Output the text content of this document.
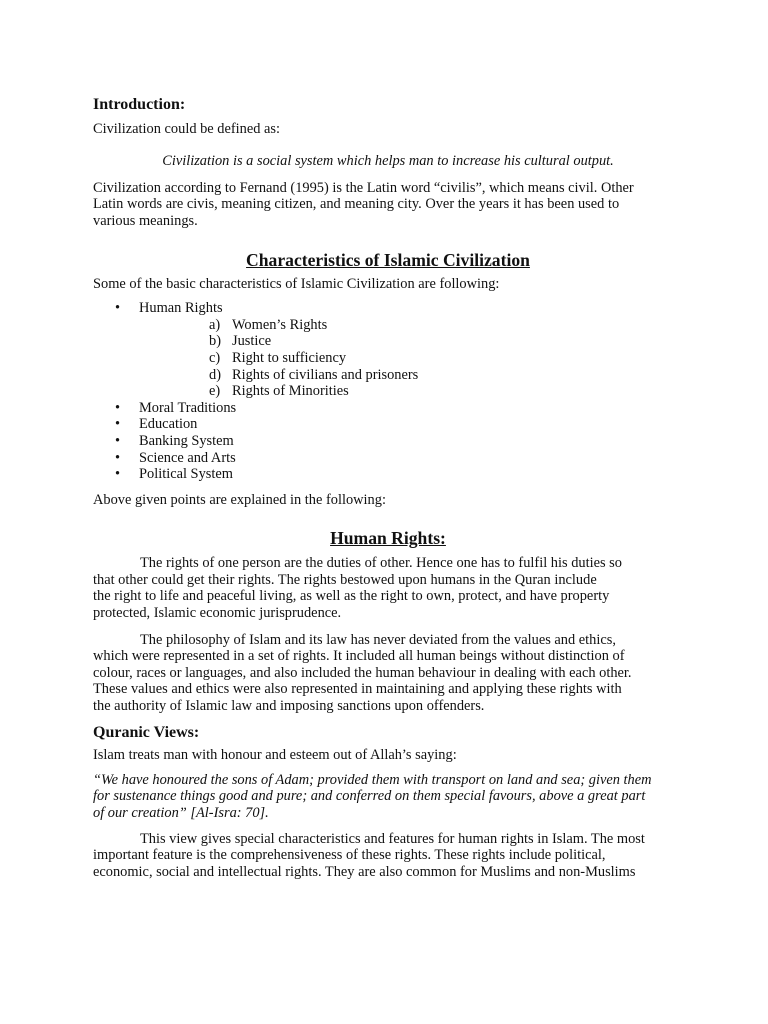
Introduction:

Civilization could be defined as:

Civilization is a social system which helps man to increase his cultural output.

Civilization according to Fernand (1995) is the Latin word “civilis”, which means civil. Other
Latin words are civis, meaning citizen, and meaning city. Over the years it has been used to
various meanings.
Characteristics of Islamic Civilization

Some of the basic characteristics of Islamic Civilization are following:

• Human Rights
a) Women’s Rights
b) Justice
c) Right to sufficiency
d) Rights of civilians and prisoners
e) Rights of Minorities
• Moral Traditions
• Education
• Banking System
• Science and Arts
• Political System

Above given points are explained in the following:

Human Rights:
The rights of one person are the duties of other. Hence one has to fulfil his duties so
that other could get their rights. The rights bestowed upon humans in the Quran include
the right to life and peaceful living, as well as the right to own, protect, and have property
protected, Islamic economic jurisprudence.
The philosophy of Islam and its law has never deviated from the values and ethics,
which were represented in a set of rights. It included all human beings without distinction of
colour, races or languages, and also included the human behaviour in dealing with each other.
These values and ethics were also represented in maintaining and applying these rights with
the authority of Islamic law and imposing sanctions upon offenders.
Quranic Views:

Islam treats man with honour and esteem out of Allah’s saying:

“We have honoured the sons of Adam; provided them with transport on land and sea; given them
for sustenance things good and pure; and conferred on them special favours, above a great part
of our creation” [Al-Isra: 70].
This view gives special characteristics and features for human rights in Islam. The most
important feature is the comprehensiveness of these rights. These rights include political,
economic, social and intellectual rights. They are also common for Muslims and non-Muslims
